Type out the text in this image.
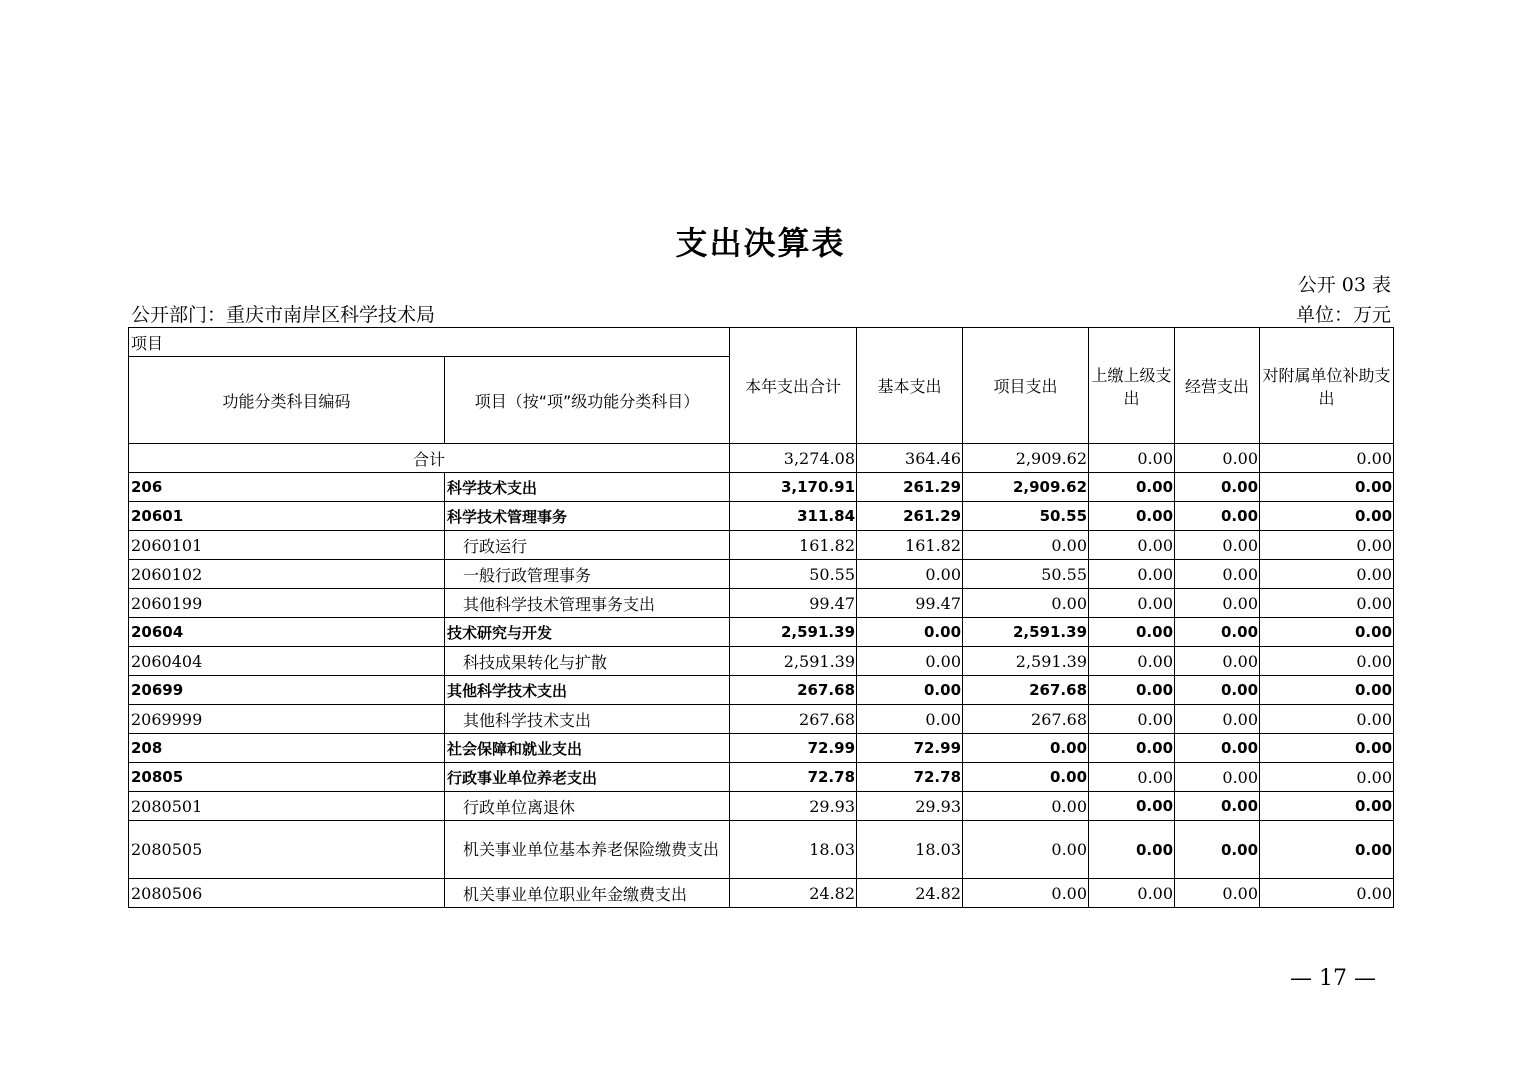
支出决算表
公开 03 表
公开部门：重庆市南岸区科学技术局	单位：万元
项目		本年支出合计	基本支出	项目支出	上缴上级支出	经营支出	对附属单位补助支出
功能分类科目编码	项目（按“项”级功能分类科目）						
合计		3,274.08	364.46	2,909.62	0.00	0.00	0.00
206	科学技术支出	3,170.91	261.29	2,909.62	0.00	0.00	0.00
20601	科学技术管理事务	311.84	261.29	50.55	0.00	0.00	0.00
2060101	行政运行	161.82	161.82	0.00	0.00	0.00	0.00
2060102	一般行政管理事务	50.55	0.00	50.55	0.00	0.00	0.00
2060199	其他科学技术管理事务支出	99.47	99.47	0.00	0.00	0.00	0.00
20604	技术研究与开发	2,591.39	0.00	2,591.39	0.00	0.00	0.00
2060404	科技成果转化与扩散	2,591.39	0.00	2,591.39	0.00	0.00	0.00
20699	其他科学技术支出	267.68	0.00	267.68	0.00	0.00	0.00
2069999	其他科学技术支出	267.68	0.00	267.68	0.00	0.00	0.00
208	社会保障和就业支出	72.99	72.99	0.00	0.00	0.00	0.00
20805	行政事业单位养老支出	72.78	72.78	0.00	0.00	0.00	0.00
2080501	行政单位离退休	29.93	29.93	0.00	0.00	0.00	0.00
2080505	机关事业单位基本养老保险缴费支出	18.03	18.03	0.00	0.00	0.00	0.00
2080506	机关事业单位职业年金缴费支出	24.82	24.82	0.00	0.00	0.00	0.00
— 17 —
